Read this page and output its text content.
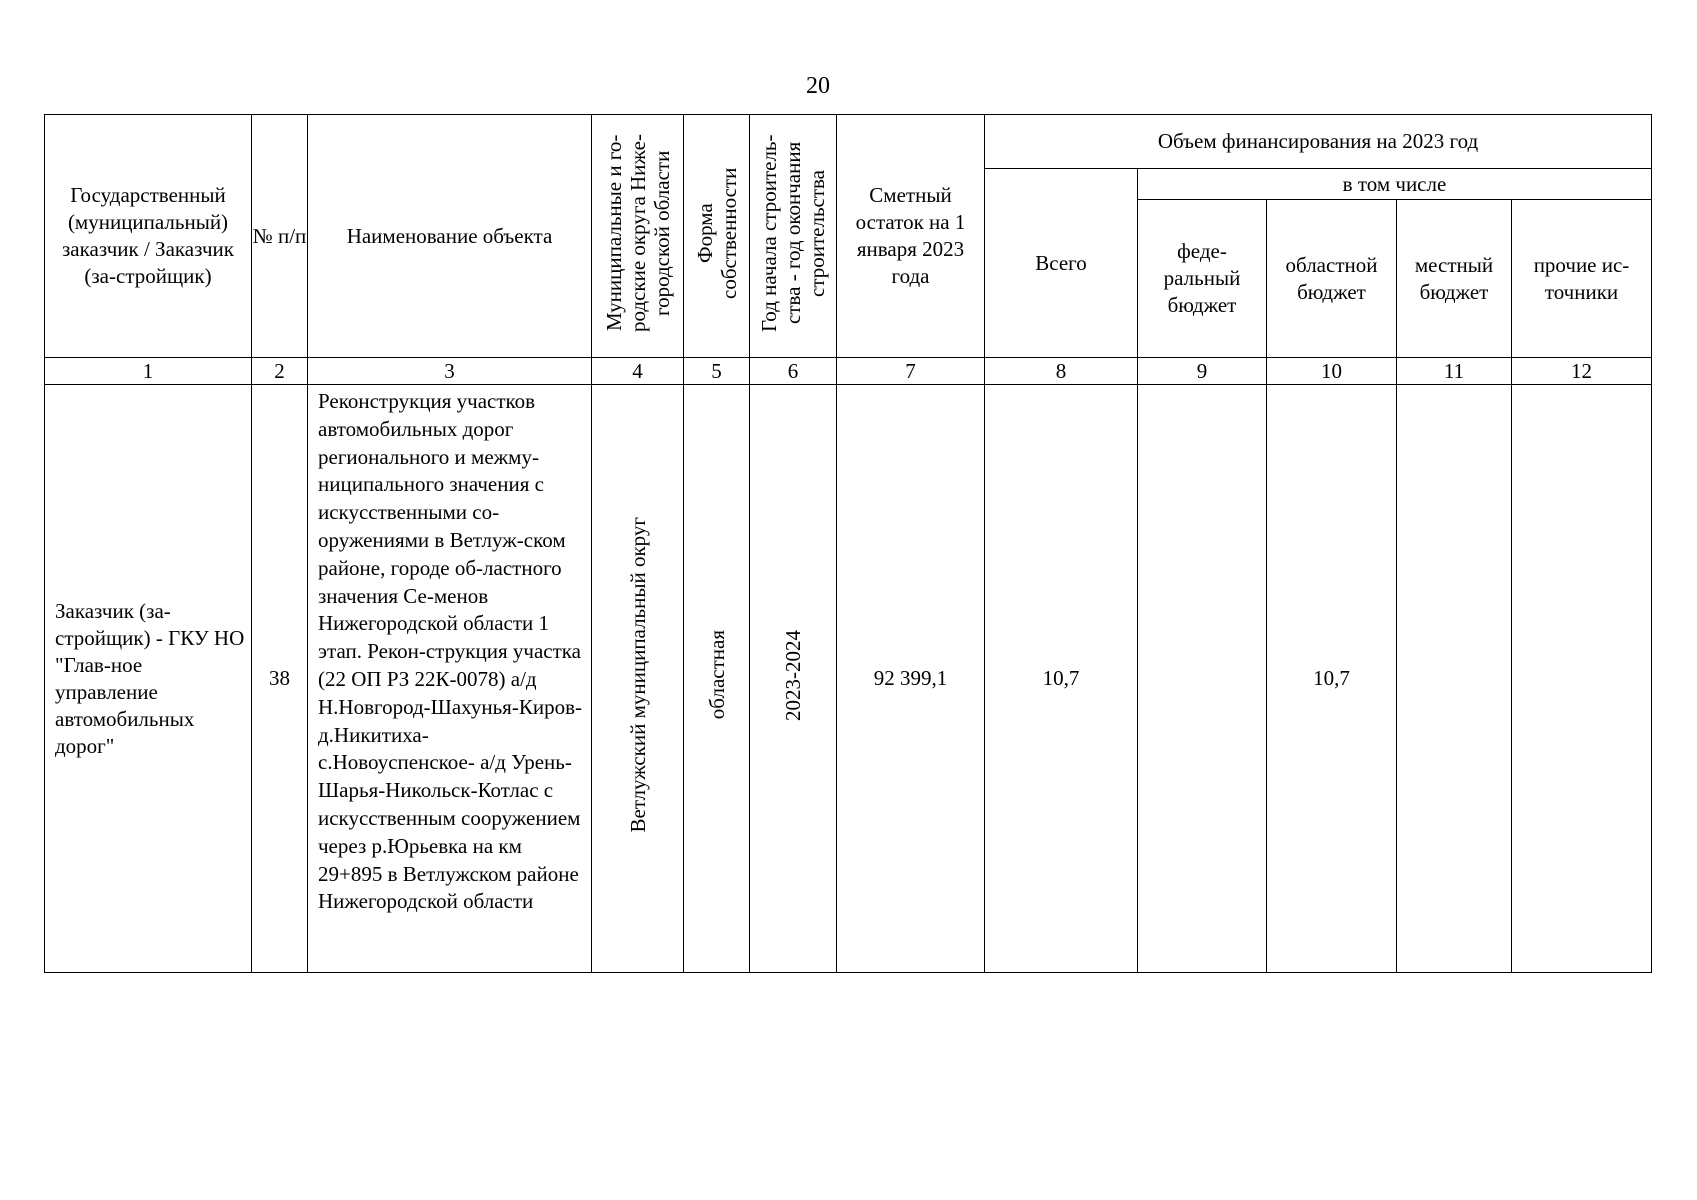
20
Государственный (муниципальный) заказчик / Заказчик (за-стройщик)	№ п/п	Наименование объекта	Муниципальные и го-родские округа Ниже-городской области	Форма собственности	Год начала строитель-ства - год окончания строительства	Сметный остаток на 1 января 2023 года	Объем финансирования на 2023 год				
							Всего	в том числе			
								феде-ральный бюджет	областной бюджет	местный бюджет	прочие ис-точники
1	2	3	4	5	6	7	8	9	10	11	12
Заказчик (за-стройщик) - ГКУ НО "Глав-ное управление автомобильных дорог"	38	Реконструкция участков автомобильных дорог регионального и межму-ниципального значения с искусственными со-оружениями в Ветлуж-ском районе, городе об-ластного значения Се-менов Нижегородской области 1 этап. Рекон-струкция участка (22 ОП РЗ 22К-0078) а/д Н.Новгород-Шахунья-Киров-д.Никитиха-с.Новоуспенское- а/д Урень-Шарья-Никольск-Котлас с искусственным сооружением через р.Юрьевка на км 29+895 в Ветлужском районе Нижегородской области	Ветлужский муниципальный округ	областная	2023-2024	92 399,1	10,7		10,7		
